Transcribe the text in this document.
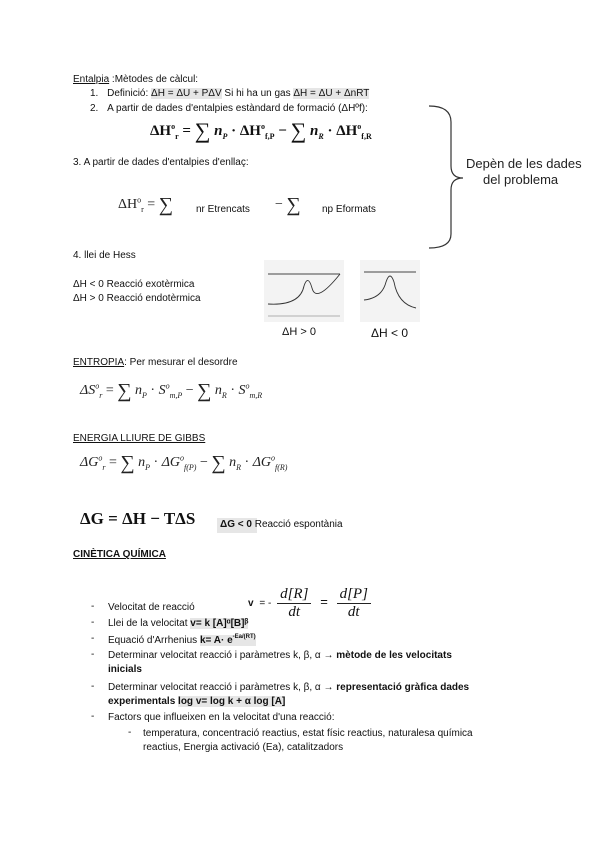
Entalpia :Mètodes de càlcul:
1. Definició: ΔH = ΔU + PΔV Si hi ha un gas ΔH = ΔU + ΔnRT
2. A partir de dades d'entalpies estàndard de formació (ΔHºf):
$\Delta H^o_r$ = ∑ $n_P \cdot \Delta H^o_{f,P}$ − ∑ $n_R \cdot \Delta H^o_{f,R}$
3. A partir de dades d'entalpies d'enllaç:
$\Delta H^o_r$ = ∑ nr Etrencats − ∑ np Eformats
4. llei de Hess
ΔH < 0 Reacció exotèrmica
ΔH > 0 Reacció endotèrmica
Depèn de les dades
del problema
ΔH > 0	ΔH < 0
ENTROPIA: Per mesurar el desordre
$\Delta S^o_r$ = ∑ $n_P \cdot S^o_{m,P}$ − ∑ $n_R \cdot S^o_{m,R}$
ENERGIA LLIURE DE GIBBS
$\Delta G^o_r$ = ∑ $n_P \cdot \Delta G^o_{f(P)}$ − ∑ $n_R \cdot \Delta G^o_{f(R)}$
ΔG = ΔH − TΔS ΔG < 0 Reacció espontània
CINÈTICA QUÍMICA
v = - $\frac{d[R]}{dt} = \frac{d[P]}{dt}$
- Velocitat de reacció
- Llei de la velocitat v= k [A]ᵅ[B]ᵝ
- Equació d'Arrhenius $k= A\cdot e^{-Ea/(RT)}$
- Determinar velocitat reacció i paràmetres k, β, α → mètode de les velocitats
inicials
- Determinar velocitat reacció i paràmetres k, β, α → representació gràfica dades
experimentals log v= log k + α log [A]
- Factors que influeixen en la velocitat d'una reacció:
- temperatura, concentració reactius, estat físic reactius, naturalesa química
reactius, Energia activació (Ea), catalitzadors
